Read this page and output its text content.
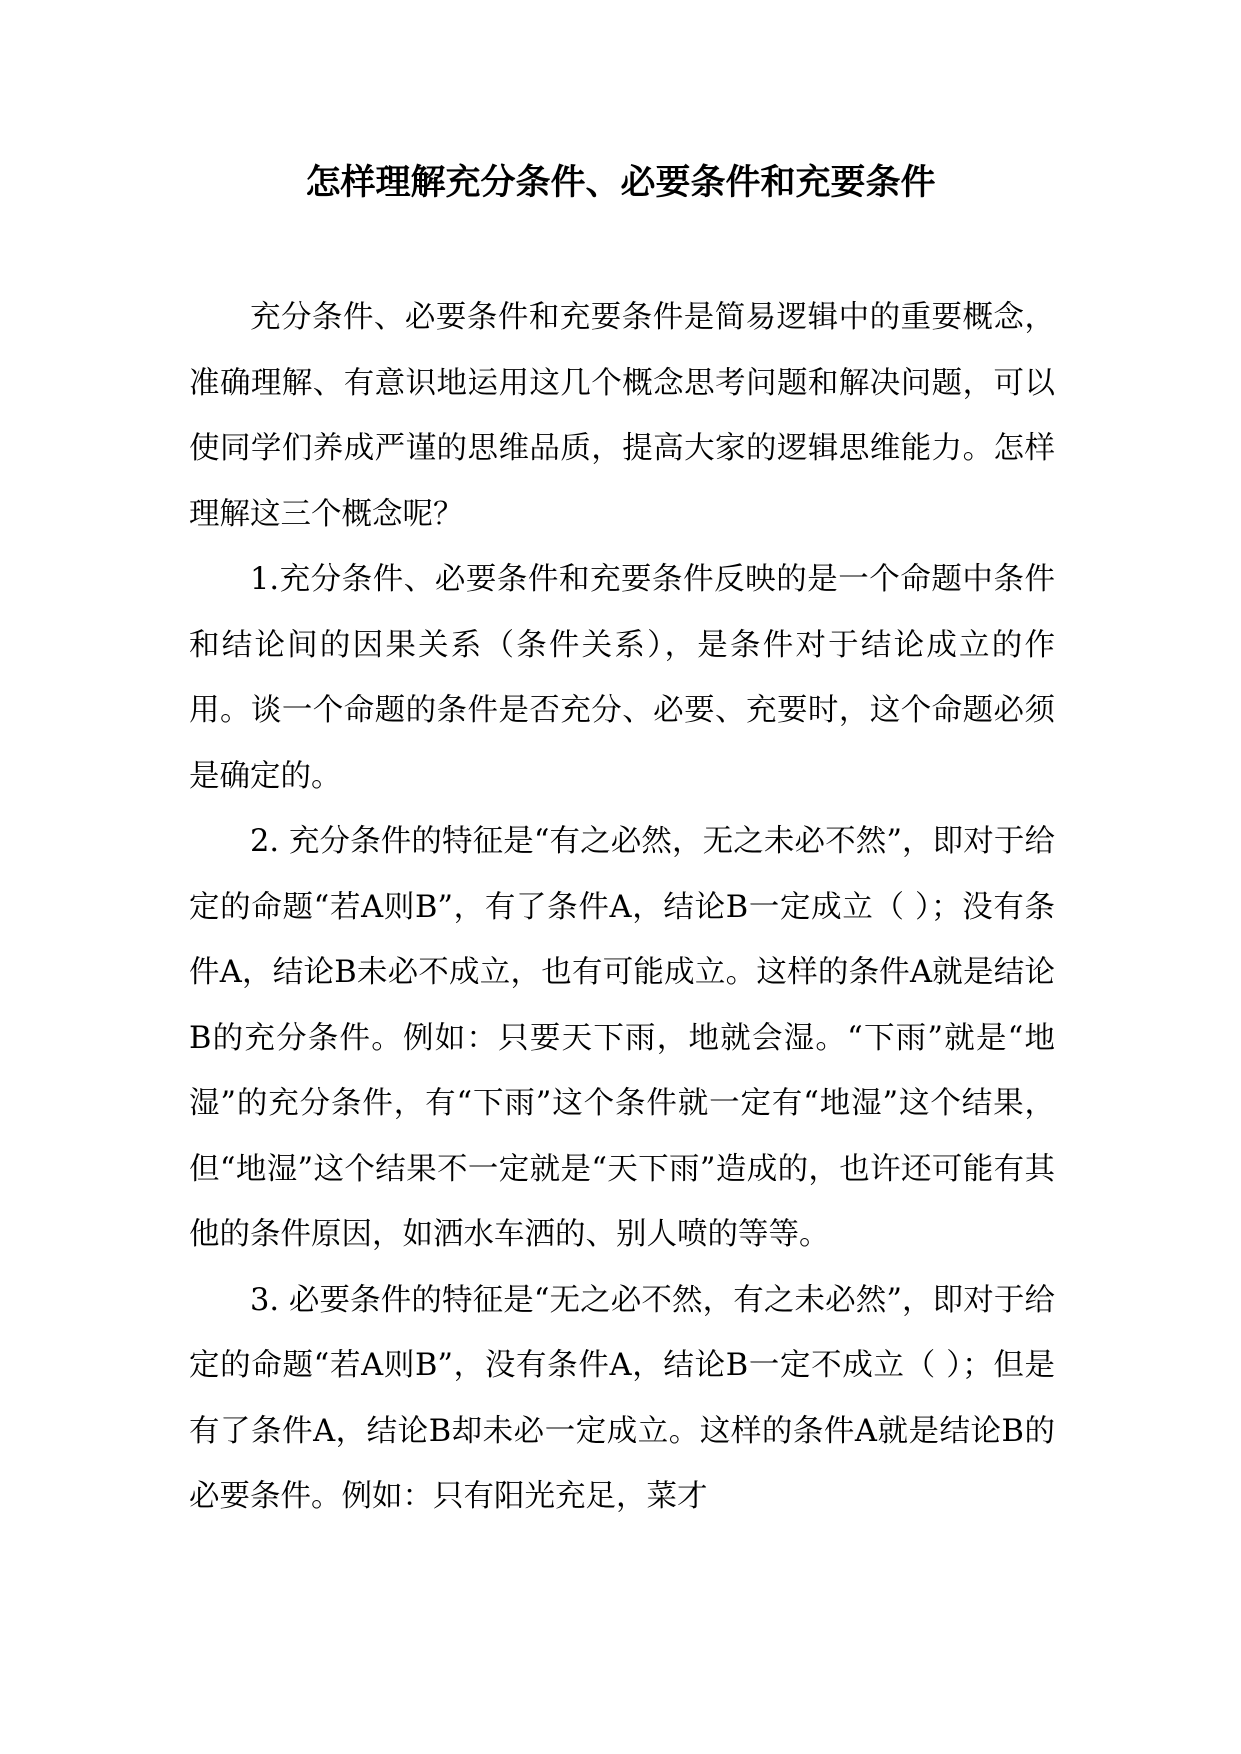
怎样理解充分条件、必要条件和充要条件

充分条件、必要条件和充要条件是简易逻辑中的重要概念，准确理解、有意识地运用这几个概念思考问题和解决问题，可以使同学们养成严谨的思维品质，提高大家的逻辑思维能力。怎样理解这三个概念呢？

1.充分条件、必要条件和充要条件反映的是一个命题中条件和结论间的因果关系（条件关系），是条件对于结论成立的作用。谈一个命题的条件是否充分、必要、充要时，这个命题必须是确定的。

2. 充分条件的特征是“有之必然，无之未必不然”，即对于给定的命题“若A则B”，有了条件A，结论B一定成立（ ）；没有条件A，结论B未必不成立，也有可能成立。这样的条件A就是结论B的充分条件。例如：只要天下雨，地就会湿。“下雨”就是“地湿”的充分条件，有“下雨”这个条件就一定有“地湿”这个结果，但“地湿”这个结果不一定就是“天下雨”造成的，也许还可能有其他的条件原因，如洒水车洒的、别人喷的等等。

3. 必要条件的特征是“无之必不然，有之未必然”，即对于给定的命题“若A则B”，没有条件A，结论B一定不成立（ ）；但是有了条件A，结论B却未必一定成立。这样的条件A就是结论B的必要条件。例如：只有阳光充足，菜才
